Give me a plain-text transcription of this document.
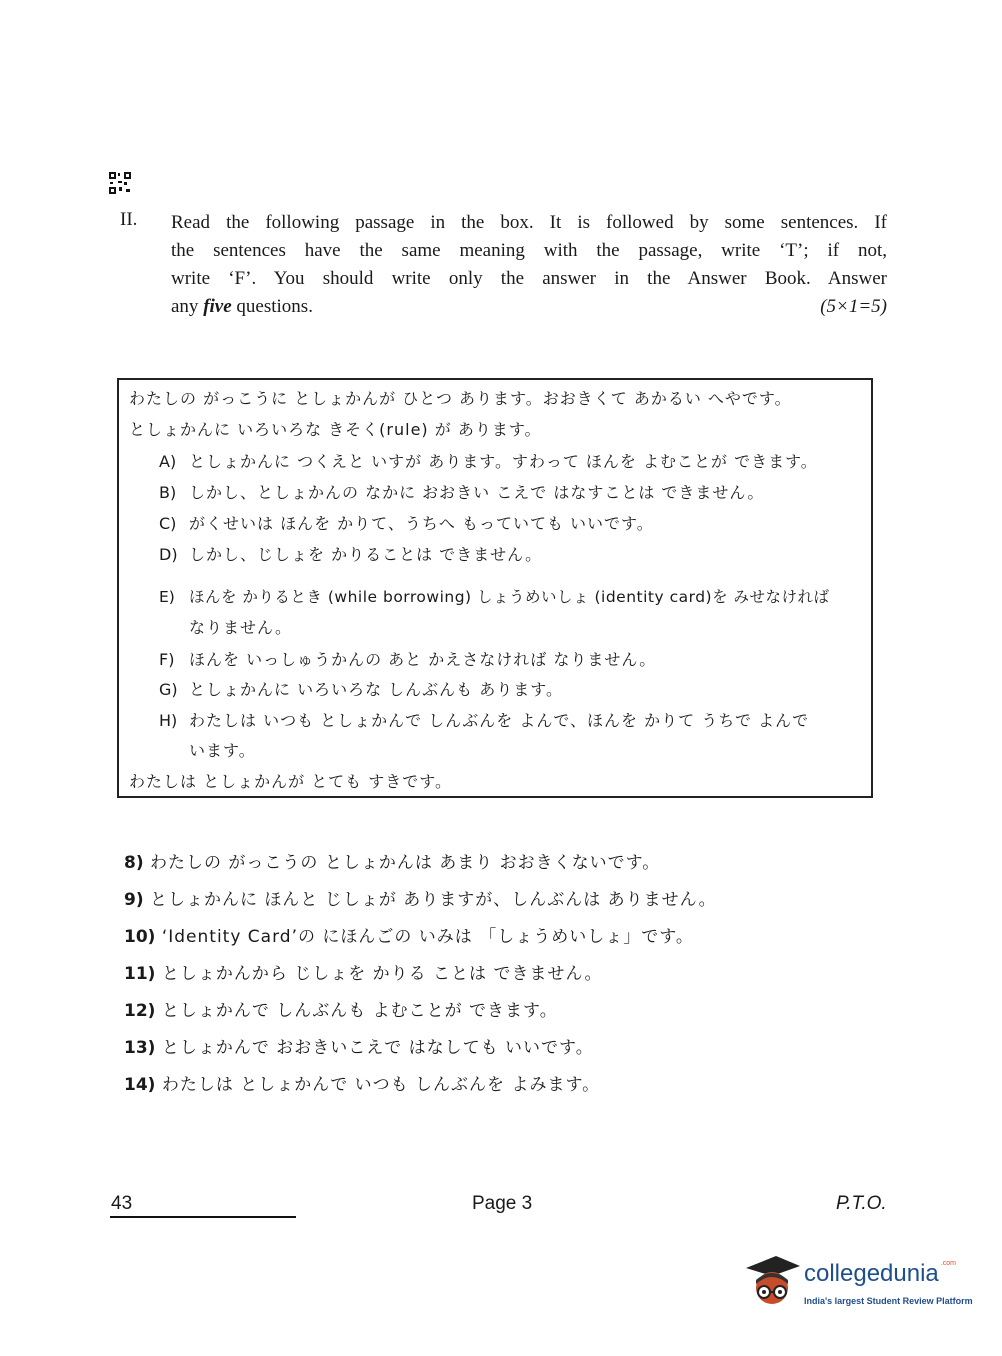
II. Read the following passage in the box. It is followed by some sentences. If
the sentences have the same meaning with the passage, write ‘T’; if not,
write ‘F’. You should write only the answer in the Answer Book. Answer
any five questions.	(5×1=5)
わたしの がっこうに としょかんが ひとつ あります。おおきくて あかるい へやです。
としょかんに いろいろな きそく(rule) が あります。
A) としょかんに つくえと いすが あります。すわって ほんを よむことが できます。
B) しかし、としょかんの なかに おおきい こえで はなすことは できません。
C) がくせいは ほんを かりて、うちへ もっていても いいです。
D) しかし、じしょを かりることは できません。
E) ほんを かりるとき (while borrowing) しょうめいしょ (identity card)を みせなければ
なりません。
F) ほんを いっしゅうかんの あと かえさなければ なりません。
G) としょかんに いろいろな しんぶんも あります。
H) わたしは いつも としょかんで しんぶんを よんで、ほんを かりて うちで よんで
います。
わたしは としょかんが とても すきです。
8) わたしの がっこうの としょかんは あまり おおきくないです。
9) としょかんに ほんと じしょが ありますが、しんぶんは ありません。
10) ‘Identity Card’の にほんごの いみは 「しょうめいしょ」です。
11) としょかんから じしょを かりる ことは できません。
12) としょかんで しんぶんも よむことが できます。
13) としょかんで おおきいこえで はなしても いいです。
14) わたしは としょかんで いつも しんぶんを よみます。
43	Page 3	P.T.O.
collegedunia $^{.com}$
India's largest Student Review Platform
